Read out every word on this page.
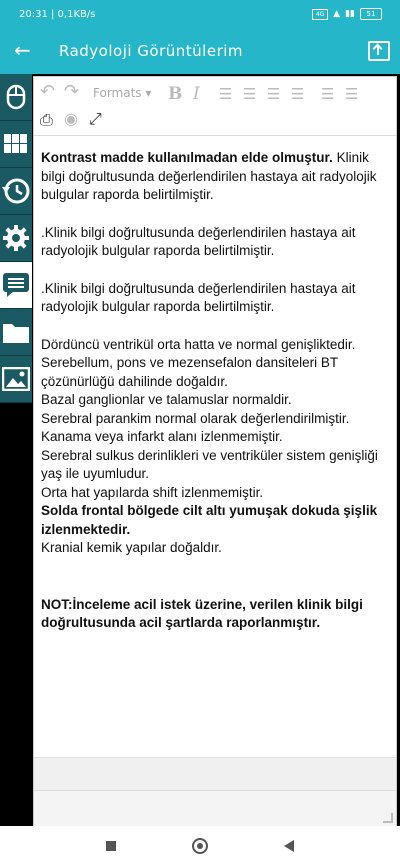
20:31 | 0,1KB/s	4G ▲ ▮▮	51
← Radyoloji Görüntülerim
↶ ↷ Formats ▾ B I ☰ ☰ ☰ ☰ ☰ ☰
⎙ ◉ ⤢

Kontrast madde kullanılmadan elde olmuştur. Klinik bilgi doğrultusunda değerlendirilen hastaya ait radyolojik bulgular raporda belirtilmiştir.

.Klinik bilgi doğrultusunda değerlendirilen hastaya ait radyolojik bulgular raporda belirtilmiştir.

.Klinik bilgi doğrultusunda değerlendirilen hastaya ait radyolojik bulgular raporda belirtilmiştir.

Dördüncü ventrikül orta hatta ve normal genişliktedir.

Serebellum, pons ve mezensefalon dansiteleri BT çözünürlüğü dahilinde doğaldır.

Bazal ganglionlar ve talamuslar normaldir.

Serebral parankim normal olarak değerlendirilmiştir.

Kanama veya infarkt alanı izlenmemiştir.

Serebral sulkus derinlikleri ve ventriküler sistem genişliği yaş ile uyumludur.

Orta hat yapılarda shift izlenmemiştir.

Solda frontal bölgede cilt altı yumuşak dokuda şişlik izlenmektedir.

Kranial kemik yapılar doğaldır.

NOT:İnceleme acil istek üzerine, verilen klinik bilgi doğrultusunda acil şartlarda raporlanmıştır.
